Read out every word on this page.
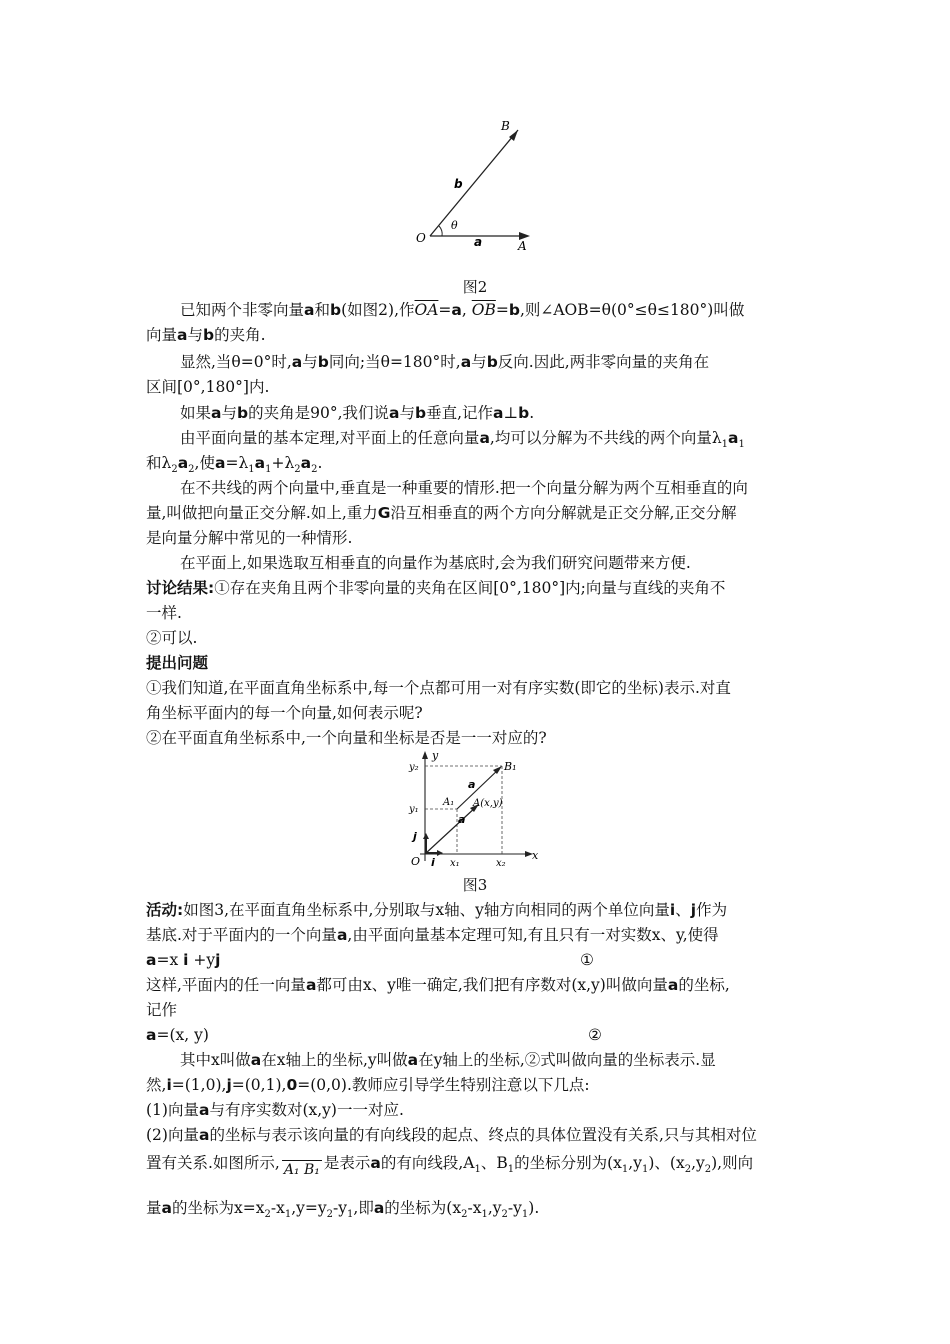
B
b
θ
O	a	A
图2
已知两个非零向量a和b(如图2),作$\overline{OA}=a$, $\overline{OB}=b$,则∠AOB=θ(0°≤θ≤180°)叫做
向量a与b的夹角.
显然,当θ=0°时,a与b同向;当θ=180°时,a与b反向.因此,两非零向量的夹角在
区间[0°,180°]内.
如果a与b的夹角是90°,我们说a与b垂直,记作a⊥b.
由平面向量的基本定理,对平面上的任意向量a,均可以分解为不共线的两个向量$\lambda_1a_1$
和$\lambda_2a_2$,使$a=\lambda_1a_1+\lambda_2a_2$.
在不共线的两个向量中,垂直是一种重要的情形.把一个向量分解为两个互相垂直的向
量,叫做把向量正交分解.如上,重力G沿互相垂直的两个方向分解就是正交分解,正交分解
是向量分解中常见的一种情形.
在平面上,如果选取互相垂直的向量作为基底时,会为我们研究问题带来方便.
讨论结果:①存在夹角且两个非零向量的夹角在区间[0°,180°]内;向量与直线的夹角不
一样.
②可以.
提出问题
①我们知道,在平面直角坐标系中,每一个点都可用一对有序实数(即它的坐标)表示.对直
角坐标平面内的每一个向量,如何表示呢?
②在平面直角坐标系中,一个向量和坐标是否是一一对应的?
y
y₂
y₁
B₁
A₁ A(x,y)
a
a
j
i
O	x₁	x₂
x
图3
活动:如图3,在平面直角坐标系中,分别取与x轴、y轴方向相同的两个单位向量i、j作为
基底.对于平面内的一个向量a,由平面向量基本定理可知,有且只有一对实数x、y,使得
a=x i +yj	①
这样,平面内的任一向量a都可由x、y唯一确定,我们把有序数对(x,y)叫做向量a的坐标,
记作
a=(x, y)	②
其中x叫做a在x轴上的坐标,y叫做a在y轴上的坐标,②式叫做向量的坐标表示.显
然,i=(1,0),j=(0,1),0=(0,0).教师应引导学生特别注意以下几点:
(1)向量a与有序实数对(x,y)一一对应.
(2)向量a的坐标与表示该向量的有向线段的起点、终点的具体位置没有关系,只与其相对位
置有关系.如图所示, A₁ B₁ 是表示a的有向线段$,A_1$、$B_1$的坐标分别为$(x_1,y_1)$、$(x_2,y_2)$,则向
量a的坐标为$x=x_2-x_1,y=y_2-y_1$,即a的坐标为$(x_2-x_1,y_2-y_1)$.
